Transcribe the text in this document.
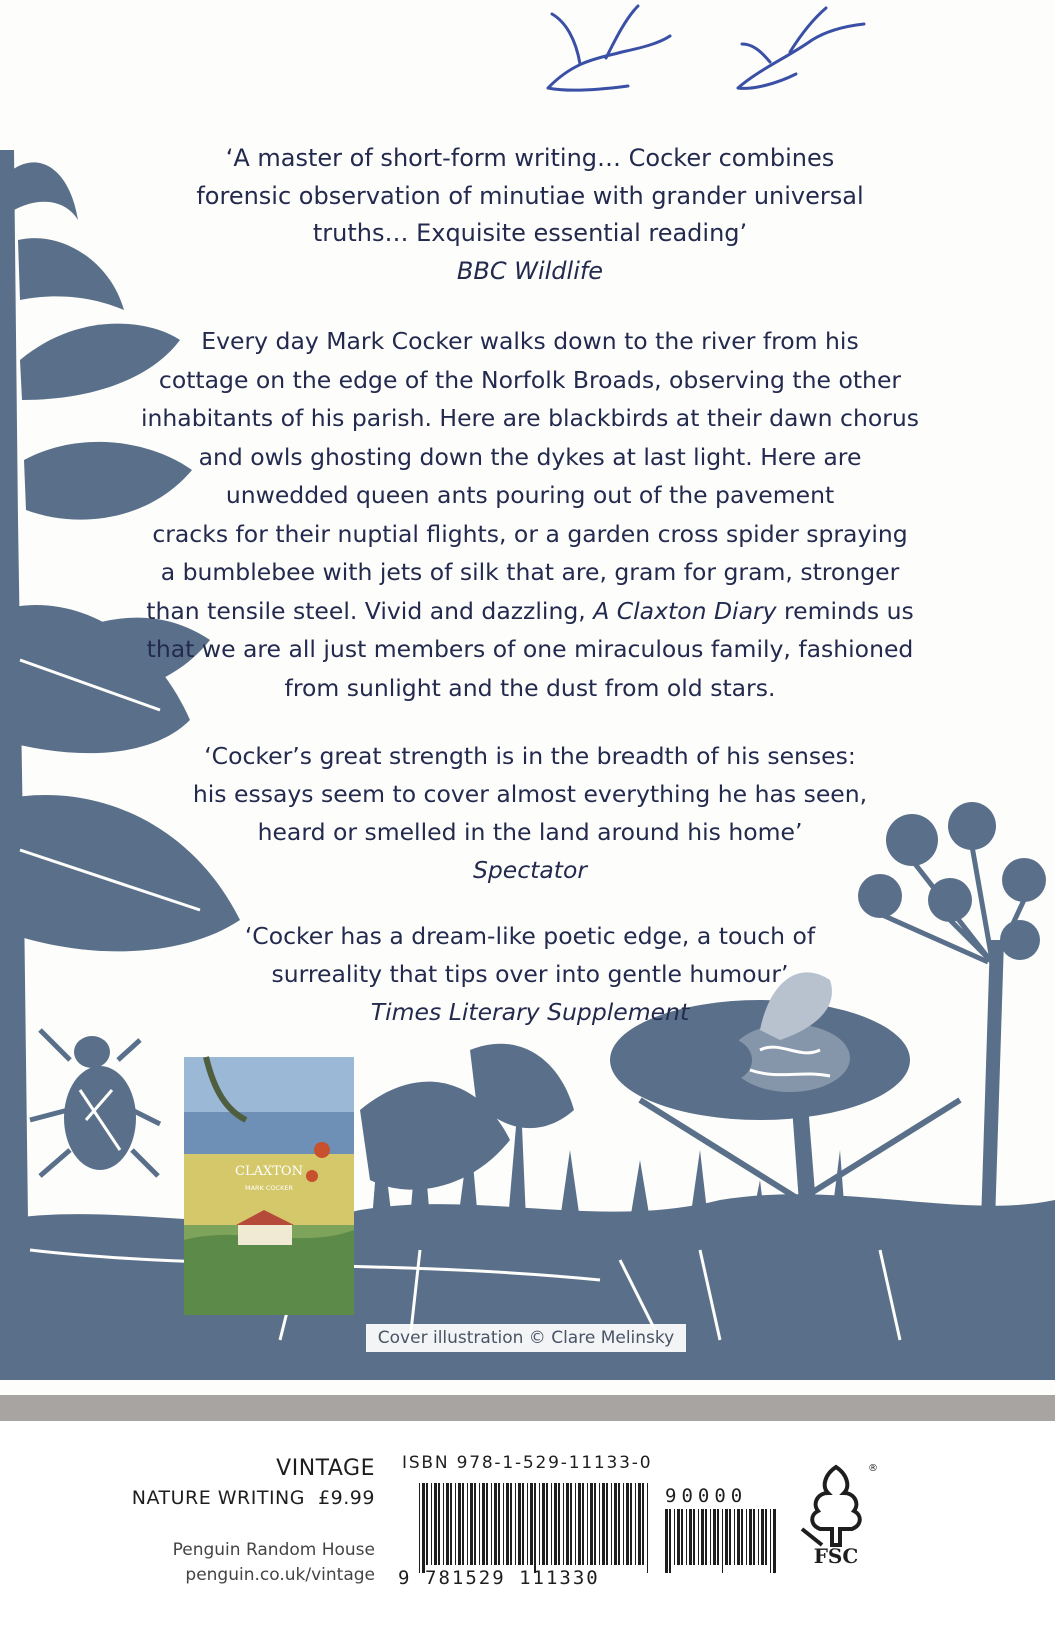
CLAXTON
MARK COCKER
‘A master of short-form writing… Cocker combines
forensic observation of minutiae with grander universal
truths… Exquisite essential reading’
BBC Wildlife
Every day Mark Cocker walks down to the river from his
cottage on the edge of the Norfolk Broads, observing the other
inhabitants of his parish. Here are blackbirds at their dawn chorus
and owls ghosting down the dykes at last light. Here are
unwedded queen ants pouring out of the pavement
cracks for their nuptial flights, or a garden cross spider spraying
a bumblebee with jets of silk that are, gram for gram, stronger
than tensile steel. Vivid and dazzling, A Claxton Diary reminds us
that we are all just members of one miraculous family, fashioned
from sunlight and the dust from old stars.
‘Cocker’s great strength is in the breadth of his senses:
his essays seem to cover almost everything he has seen,
heard or smelled in the land around his home’
Spectator
‘Cocker has a dream-like poetic edge, a touch of
surreality that tips over into gentle humour’
Times Literary Supplement
Cover illustration © Clare Melinsky
VINTAGE
NATURE WRITING £9.99
Penguin Random House
penguin.co.uk/vintage
ISBN 978-1-529-11133-0
9 781529 111330
90000
FSC
®
